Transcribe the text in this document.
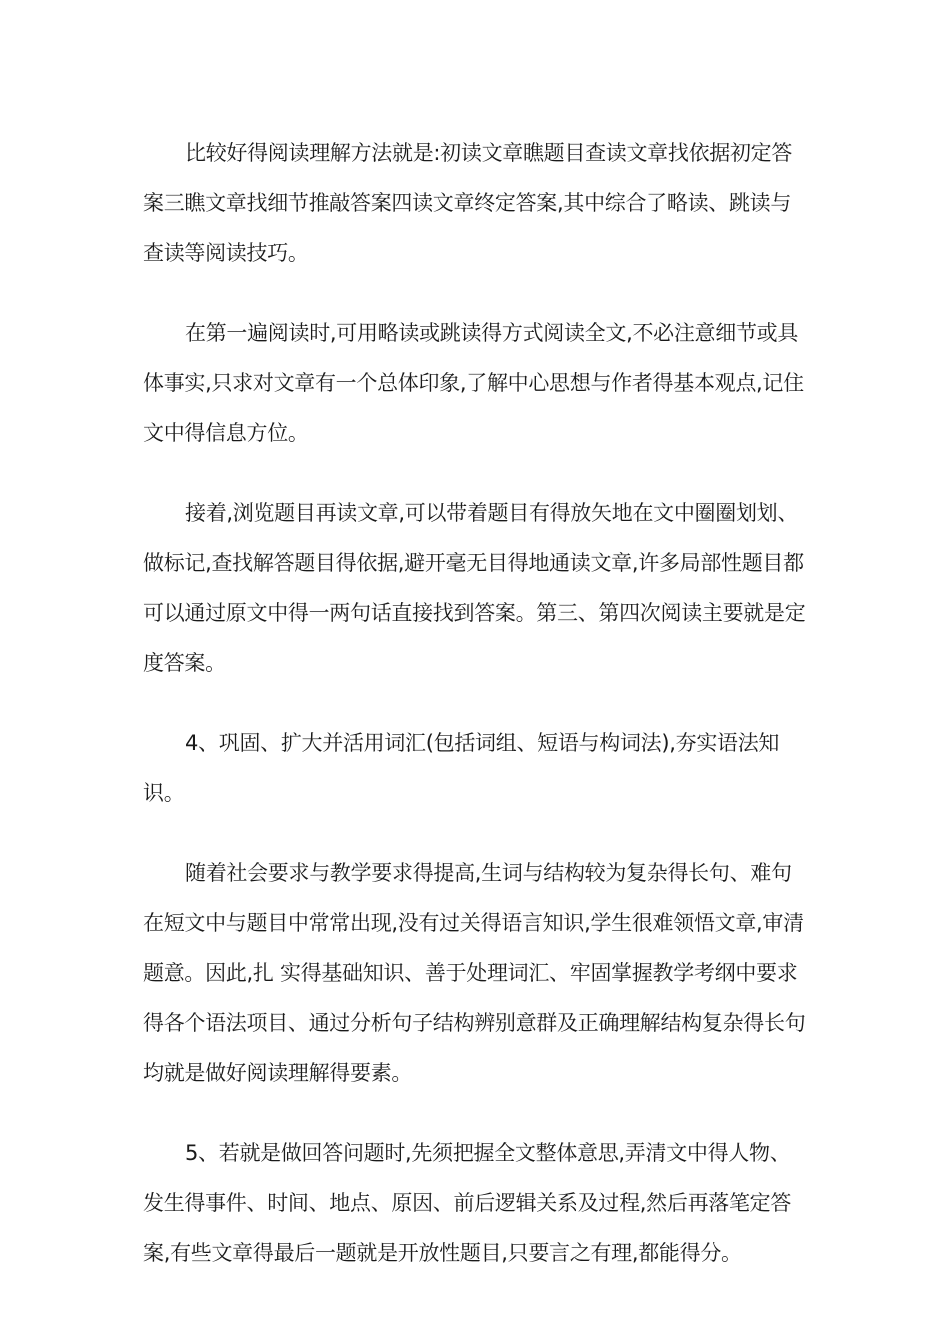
比较好得阅读理解方法就是:初读文章瞧题目查读文章找依据初定答案三瞧文章找细节推敲答案四读文章终定答案,其中综合了略读、跳读与查读等阅读技巧。

在第一遍阅读时,可用略读或跳读得方式阅读全文,不必注意细节或具体事实,只求对文章有一个总体印象,了解中心思想与作者得基本观点,记住文中得信息方位。

接着,浏览题目再读文章,可以带着题目有得放矢地在文中圈圈划划、做标记,查找解答题目得依据,避开毫无目得地通读文章,许多局部性题目都可以通过原文中得一两句话直接找到答案。第三、第四次阅读主要就是定度答案。

4、巩固、扩大并活用词汇(包括词组、短语与构词法),夯实语法知识。

随着社会要求与教学要求得提高,生词与结构较为复杂得长句、难句在短文中与题目中常常出现,没有过关得语言知识,学生很难领悟文章,审清题意。因此,扎 实得基础知识、善于处理词汇、牢固掌握教学考纲中要求得各个语法项目、通过分析句子结构辨别意群及正确理解结构复杂得长句均就是做好阅读理解得要素。

5、若就是做回答问题时,先须把握全文整体意思,弄清文中得人物、发生得事件、时间、地点、原因、前后逻辑关系及过程,然后再落笔定答案,有些文章得最后一题就是开放性题目,只要言之有理,都能得分。
